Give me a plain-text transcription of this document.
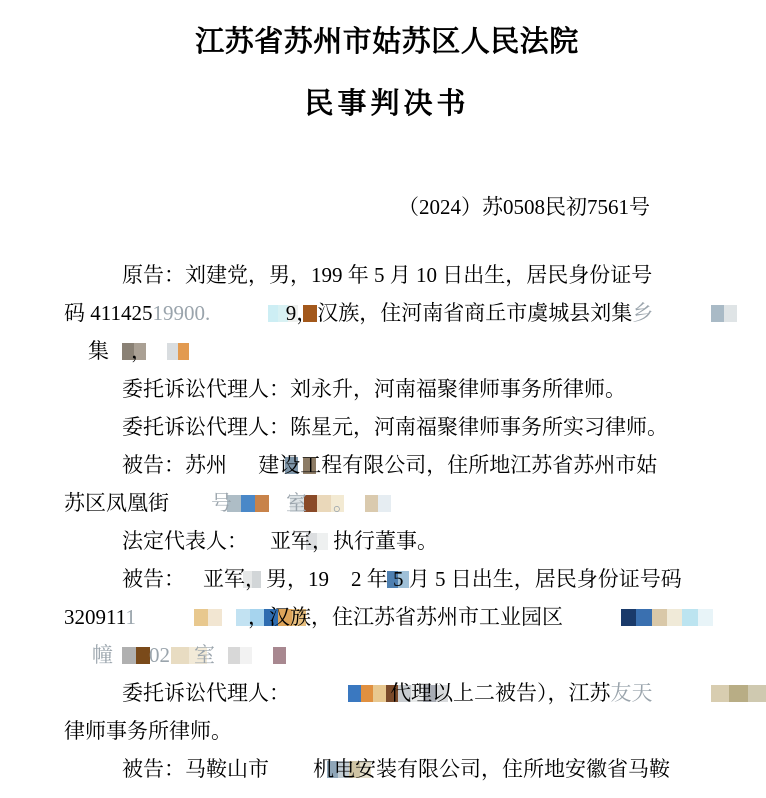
江苏省苏州市姑苏区人民法院
民事判决书
（2024）苏0508民初7561号

原告：刘建党，男，199 年 5 月 10 日出生，居民身份证号
码 41142519900. 　 9，汉族，住河南省商丘市虞城县刘集乡
集 ，

委托诉讼代理人：刘永升，河南福聚律师事务所律师。

委托诉讼代理人：陈星元，河南福聚律师事务所实习律师。

被告：苏州 建设工程有限公司，住所地江苏省苏州市姑
苏区凤凰街 号	室 。

法定代表人： 亚军，执行董事。

被告： 亚军，男，19 2 年 5 月 5 日出生，居民身份证号码
3209111	，汉族，住江苏省苏州市工业园区
幢 02 室

委托诉讼代理人：	代理以上二被告），江苏友天
律师事务所律师。

被告：马鞍山市 机电安装有限公司，住所地安徽省马鞍
